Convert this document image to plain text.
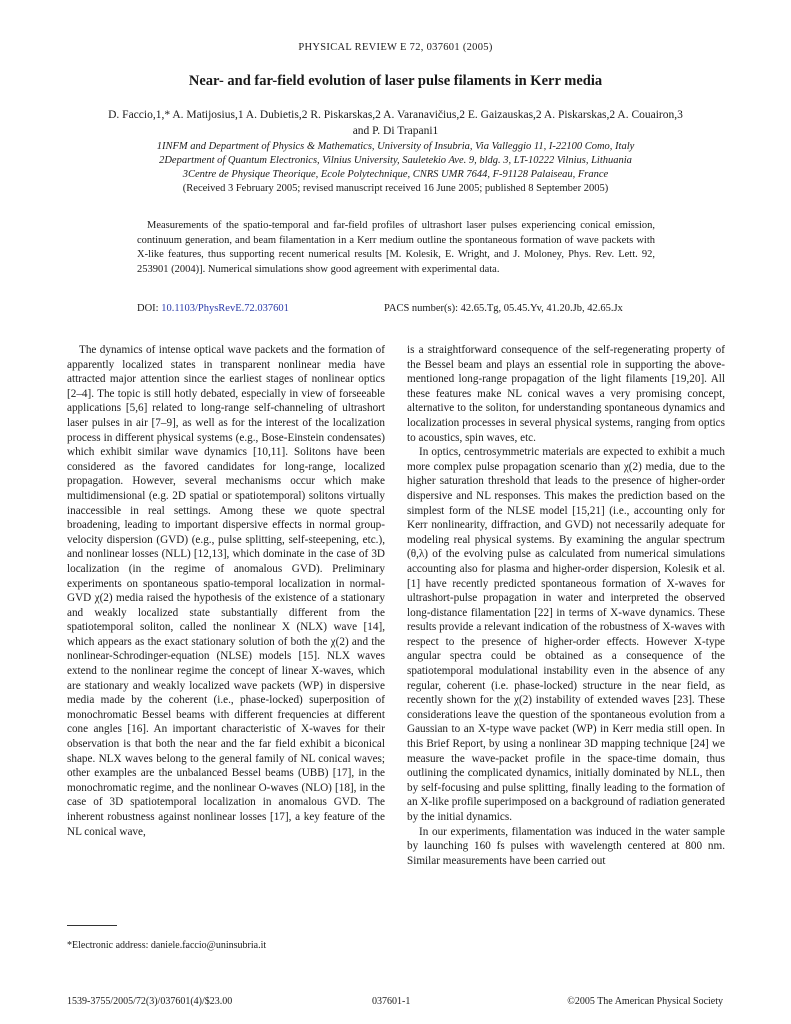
PHYSICAL REVIEW E 72, 037601 (2005)
Near- and far-field evolution of laser pulse filaments in Kerr media
D. Faccio,1,* A. Matijosius,1 A. Dubietis,2 R. Piskarskas,2 A. Varanavičius,2 E. Gaizauskas,2 A. Piskarskas,2 A. Couairon,3
and P. Di Trapani1
1INFM and Department of Physics & Mathematics, University of Insubria, Via Valleggio 11, I-22100 Como, Italy
2Department of Quantum Electronics, Vilnius University, Sauletekio Ave. 9, bldg. 3, LT-10222 Vilnius, Lithuania
3Centre de Physique Theorique, Ecole Polytechnique, CNRS UMR 7644, F-91128 Palaiseau, France
(Received 3 February 2005; revised manuscript received 16 June 2005; published 8 September 2005)
Measurements of the spatio-temporal and far-field profiles of ultrashort laser pulses experiencing conical emission, continuum generation, and beam filamentation in a Kerr medium outline the spontaneous formation of wave packets with X-like features, thus supporting recent numerical results [M. Kolesik, E. Wright, and J. Moloney, Phys. Rev. Lett. 92, 253901 (2004)]. Numerical simulations show good agreement with experimental data.
DOI: 10.1103/PhysRevE.72.037601	PACS number(s): 42.65.Tg, 05.45.Yv, 41.20.Jb, 42.65.Jx

The dynamics of intense optical wave packets and the formation of apparently localized states in transparent nonlinear media have attracted major attention since the earliest stages of nonlinear optics [2–4]. The topic is still hotly debated, especially in view of forseeable applications [5,6] related to long-range self-channeling of ultrashort laser pulses in air [7–9], as well as for the interest of the localization process in different physical systems (e.g., Bose-Einstein condensates) which exhibit similar wave dynamics [10,11]. Solitons have been considered as the favored candidates for long-range, localized propagation. However, several mechanisms occur which make multidimensional (e.g. 2D spatial or spatiotemporal) solitons virtually inaccessible in real settings. Among these we quote spectral broadening, leading to important dispersive effects in normal group-velocity dispersion (GVD) (e.g., pulse splitting, self-steepening, etc.), and nonlinear losses (NLL) [12,13], which dominate in the case of 3D localization (in the regime of anomalous GVD). Preliminary experiments on spontaneous spatio-temporal localization in normal-GVD χ(2) media raised the hypothesis of the existence of a stationary and weakly localized state substantially different from the spatiotemporal soliton, called the nonlinear X (NLX) wave [14], which appears as the exact stationary solution of both the χ(2) and the nonlinear-Schrodinger-equation (NLSE) models [15]. NLX waves extend to the nonlinear regime the concept of linear X-waves, which are stationary and weakly localized wave packets (WP) in dispersive media made by the coherent (i.e., phase-locked) superposition of monochromatic Bessel beams with different frequencies at different cone angles [16]. An important characteristic of X-waves for their observation is that both the near and the far field exhibit a biconical shape. NLX waves belong to the general family of NL conical waves; other examples are the unbalanced Bessel beams (UBB) [17], in the monochromatic regime, and the nonlinear O-waves (NLO) [18], in the case of 3D spatiotemporal localization in anomalous GVD. The inherent robustness against nonlinear losses [17], a key feature of the NL conical wave,

is a straightforward consequence of the self-regenerating property of the Bessel beam and plays an essential role in supporting the above-mentioned long-range propagation of the light filaments [19,20]. All these features make NL conical waves a very promising concept, alternative to the soliton, for understanding spontaneous dynamics and localization processes in several physical systems, ranging from optics to acoustics, spin waves, etc.

In optics, centrosymmetric materials are expected to exhibit a much more complex pulse propagation scenario than χ(2) media, due to the higher saturation threshold that leads to the presence of higher-order dispersive and NL responses. This makes the prediction based on the simplest form of the NLSE model [15,21] (i.e., accounting only for Kerr nonlinearity, diffraction, and GVD) not necessarily adequate for modeling real physical systems. By examining the angular spectrum (θ,λ) of the evolving pulse as calculated from numerical simulations accounting also for plasma and higher-order dispersion, Kolesik et al. [1] have recently predicted spontaneous formation of X-waves for ultrashort-pulse propagation in water and interpreted the observed long-distance filamentation [22] in terms of X-wave dynamics. These results provide a relevant indication of the robustness of X-waves with respect to the presence of higher-order effects. However X-type angular spectra could be obtained as a consequence of the spatiotemporal modulational instability even in the absence of any regular, coherent (i.e. phase-locked) structure in the near field, as recently shown for the χ(2) instability of extended waves [23]. These considerations leave the question of the spontaneous evolution from a Gaussian to an X-type wave packet (WP) in Kerr media still open. In this Brief Report, by using a nonlinear 3D mapping technique [24] we measure the wave-packet profile in the space-time domain, thus outlining the complicated dynamics, initially dominated by NLL, then by self-focusing and pulse splitting, finally leading to the formation of an X-like profile superimposed on a background of radiation generated by the initial dynamics.

In our experiments, filamentation was induced in the water sample by launching 160 fs pulses with wavelength centered at 800 nm. Similar measurements have been carried out

*Electronic address: daniele.faccio@uninsubria.it
1539-3755/2005/72(3)/037601(4)/$23.00	037601-1	©2005 The American Physical Society
